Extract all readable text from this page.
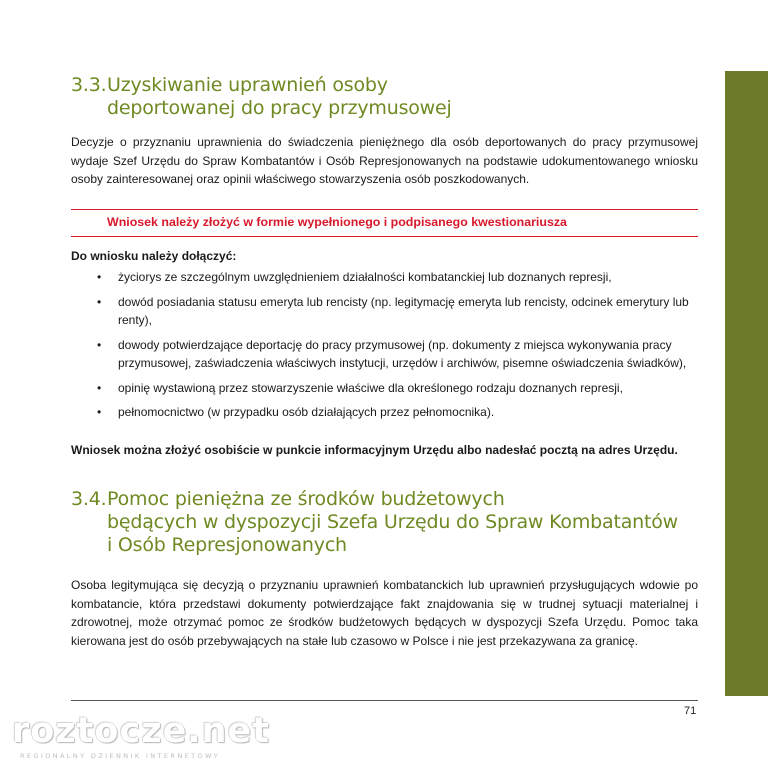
3.3. Uzyskiwanie uprawnień osoby
deportowanej do pracy przymusowej

Decyzje o przyznaniu uprawnienia do świadczenia pieniężnego dla osób deportowanych do pracy przymusowej wydaje Szef Urzędu do Spraw Kombatantów i Osób Represjonowanych na podstawie udokumentowanego wniosku osoby zainteresowanej oraz opinii właściwego stowarzyszenia osób poszkodowanych.

Wniosek należy złożyć w formie wypełnionego i podpisanego kwestionariusza
Do wniosku należy dołączyć:
• życiorys ze szczególnym uwzględnieniem działalności kombatanckiej lub doznanych represji,
• dowód posiadania statusu emeryta lub rencisty (np. legitymację emeryta lub rencisty, odcinek emerytury lub renty),
• dowody potwierdzające deportację do pracy przymusowej (np. dokumenty z miejsca wykonywania pracy przymusowej, zaświadczenia właściwych instytucji, urzędów i archiwów, pisemne oświadczenia świadków),
• opinię wystawioną przez stowarzyszenie właściwe dla określonego rodzaju doznanych represji,
• pełnomocnictwo (w przypadku osób działających przez pełnomocnika).
Wniosek można złożyć osobiście w punkcie informacyjnym Urzędu albo nadesłać pocztą na adres Urzędu.
3.4. Pomoc pieniężna ze środków budżetowych
będących w dyspozycji Szefa Urzędu do Spraw Kombatantów
i Osób Represjonowanych

Osoba legitymująca się decyzją o przyznaniu uprawnień kombatanckich lub uprawnień przysługujących wdowie po kombatancie, która przedstawi dokumenty potwierdzające fakt znajdowania się w trudnej sytuacji materialnej i zdrowotnej, może otrzymać pomoc ze środków budżetowych będących w dyspozycji Szefa Urzędu. Pomoc taka kierowana jest do osób przebywających na stałe lub czasowo w Polsce i nie jest przekazywana za granicę.

71
roztocze.net
REGIONALNY DZIENNIK INTERNETOWY
